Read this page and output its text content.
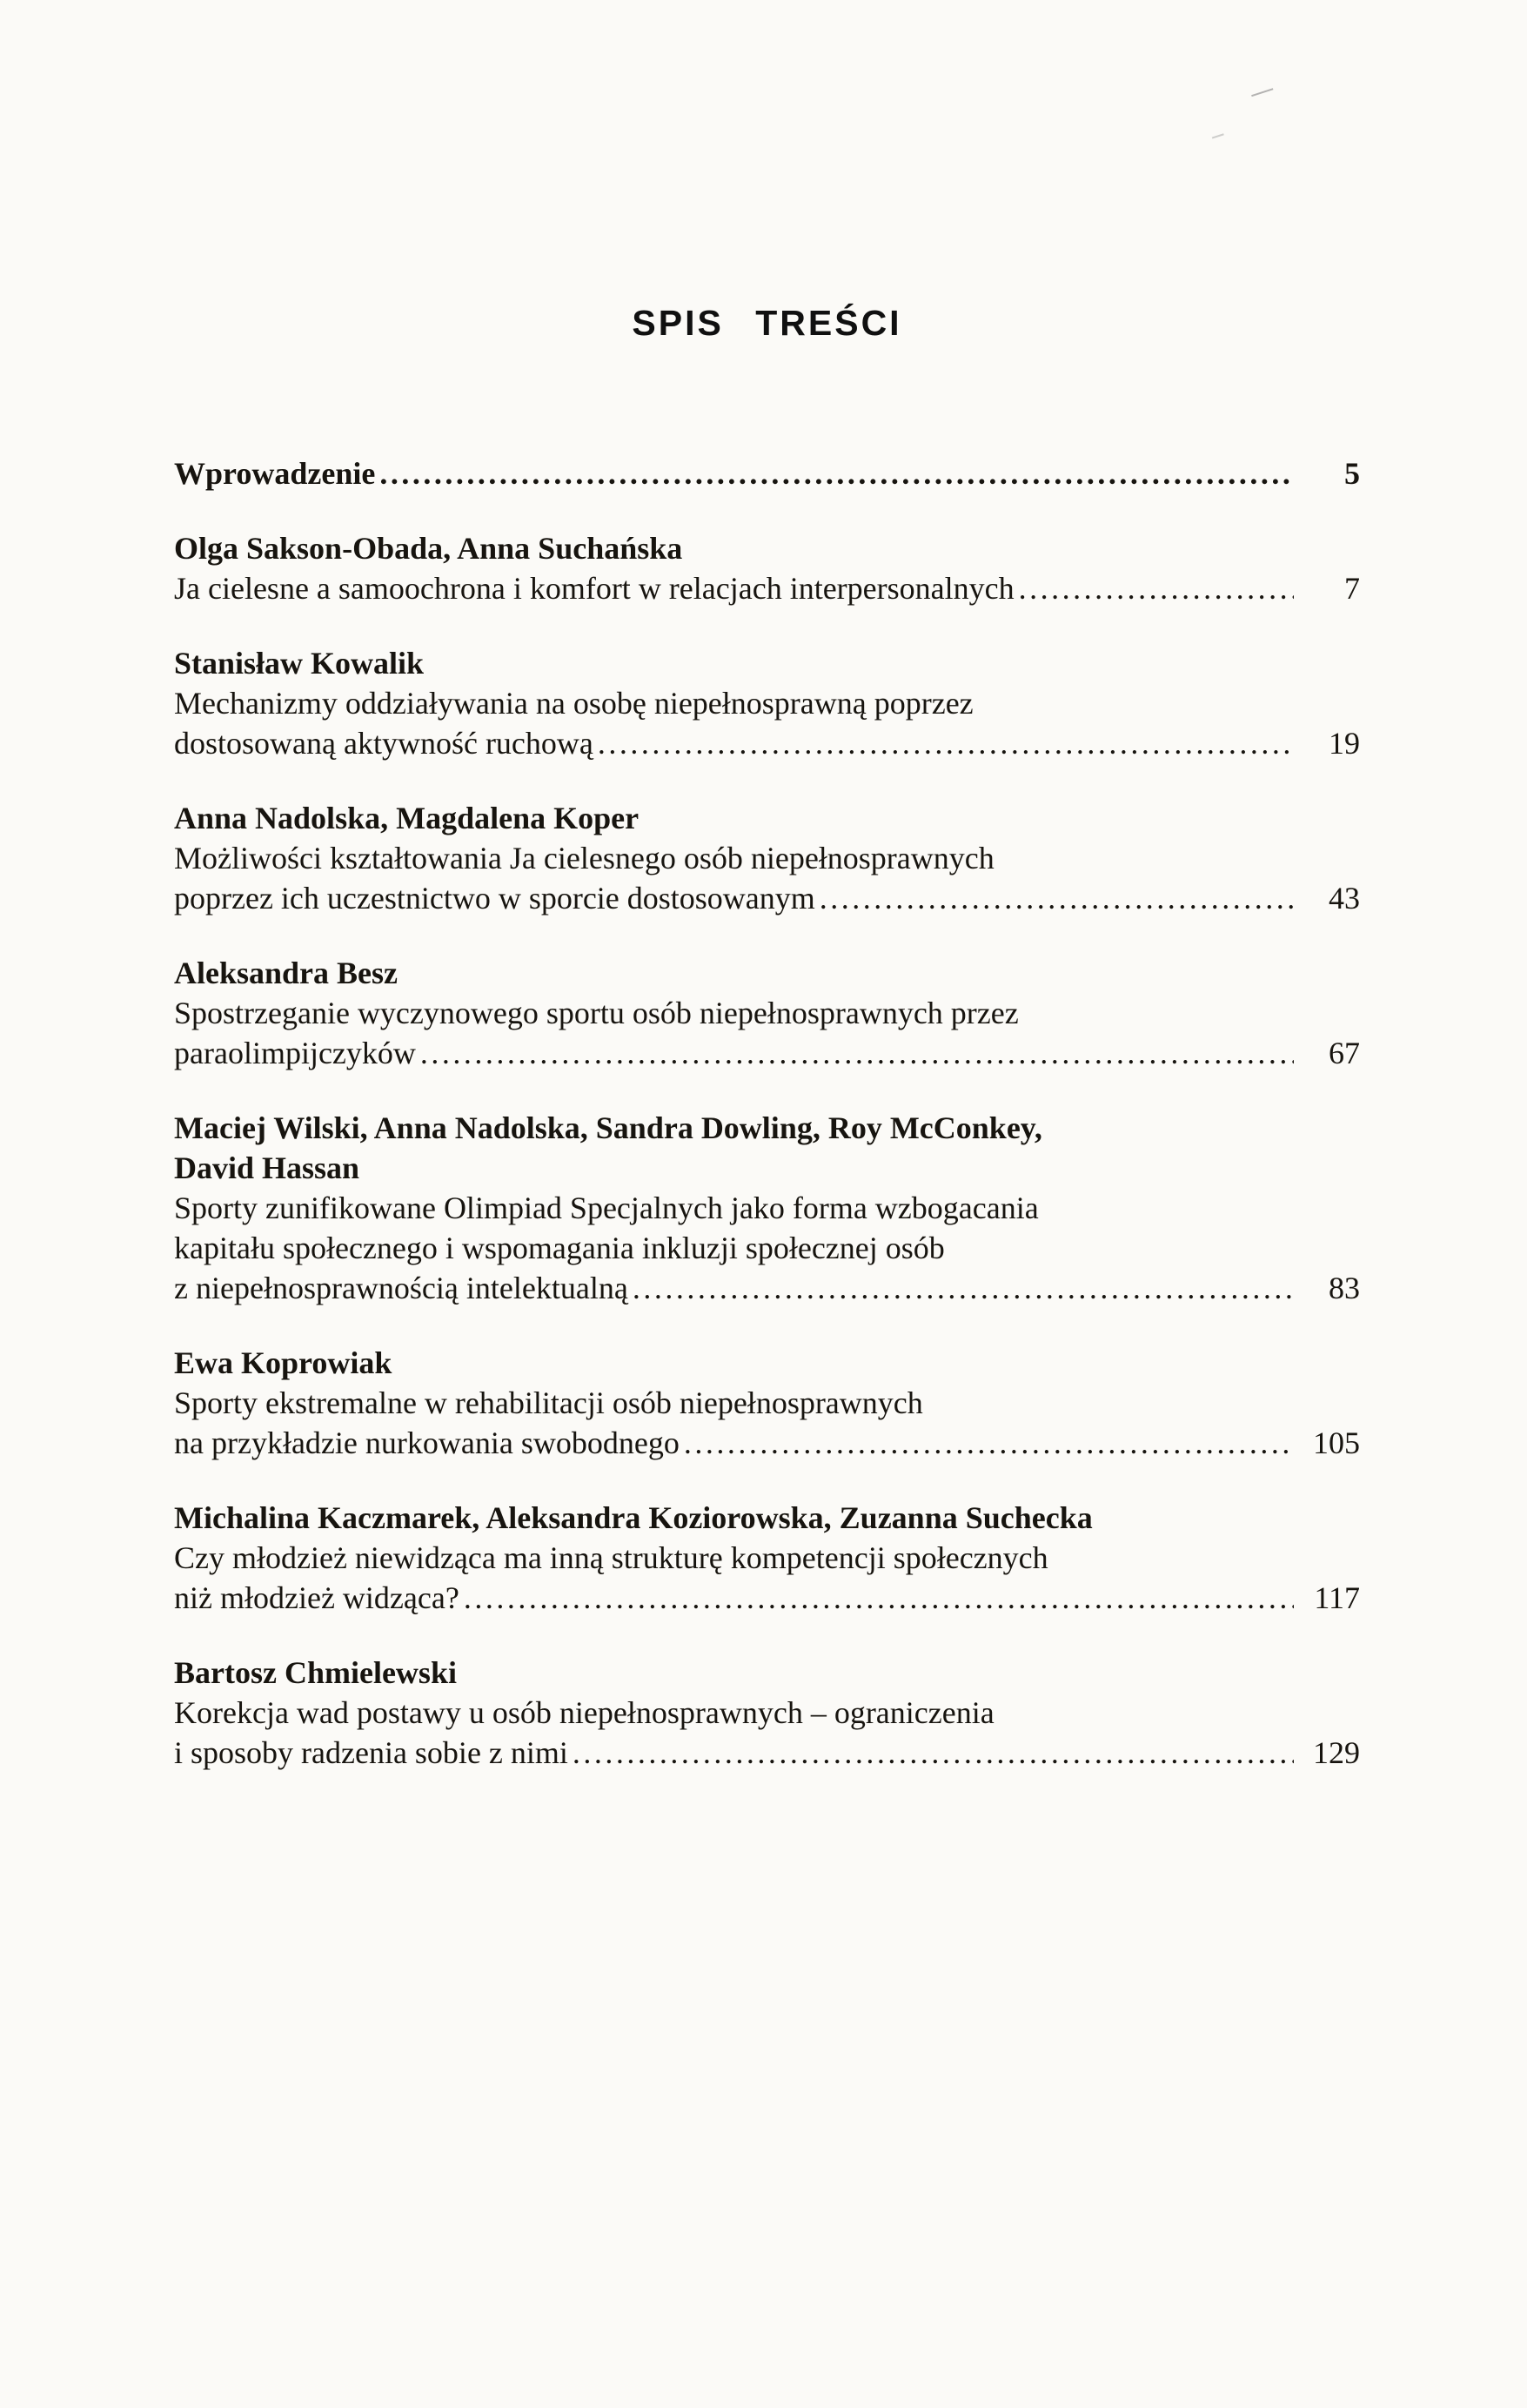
SPIS TREŚCI
Wprowadzenie .....	5
Olga Sakson-Obada, Anna Suchańska
Ja cielesne a samoochrona i komfort w relacjach interpersonalnych .....	7
Stanisław Kowalik
Mechanizmy oddziaływania na osobę niepełnosprawną poprzez
dostosowaną aktywność ruchową .....	19
Anna Nadolska, Magdalena Koper
Możliwości kształtowania Ja cielesnego osób niepełnosprawnych
poprzez ich uczestnictwo w sporcie dostosowanym .....	43
Aleksandra Besz
Spostrzeganie wyczynowego sportu osób niepełnosprawnych przez
paraolimpijczyków .....	67
Maciej Wilski, Anna Nadolska, Sandra Dowling, Roy McConkey,
David Hassan
Sporty zunifikowane Olimpiad Specjalnych jako forma wzbogacania
kapitału społecznego i wspomagania inkluzji społecznej osób
z niepełnosprawnością intelektualną .....	83
Ewa Koprowiak
Sporty ekstremalne w rehabilitacji osób niepełnosprawnych
na przykładzie nurkowania swobodnego .....	105
Michalina Kaczmarek, Aleksandra Koziorowska, Zuzanna Suchecka
Czy młodzież niewidząca ma inną strukturę kompetencji społecznych
niż młodzież widząca? .....	117
Bartosz Chmielewski
Korekcja wad postawy u osób niepełnosprawnych – ograniczenia
i sposoby radzenia sobie z nimi .....	129
